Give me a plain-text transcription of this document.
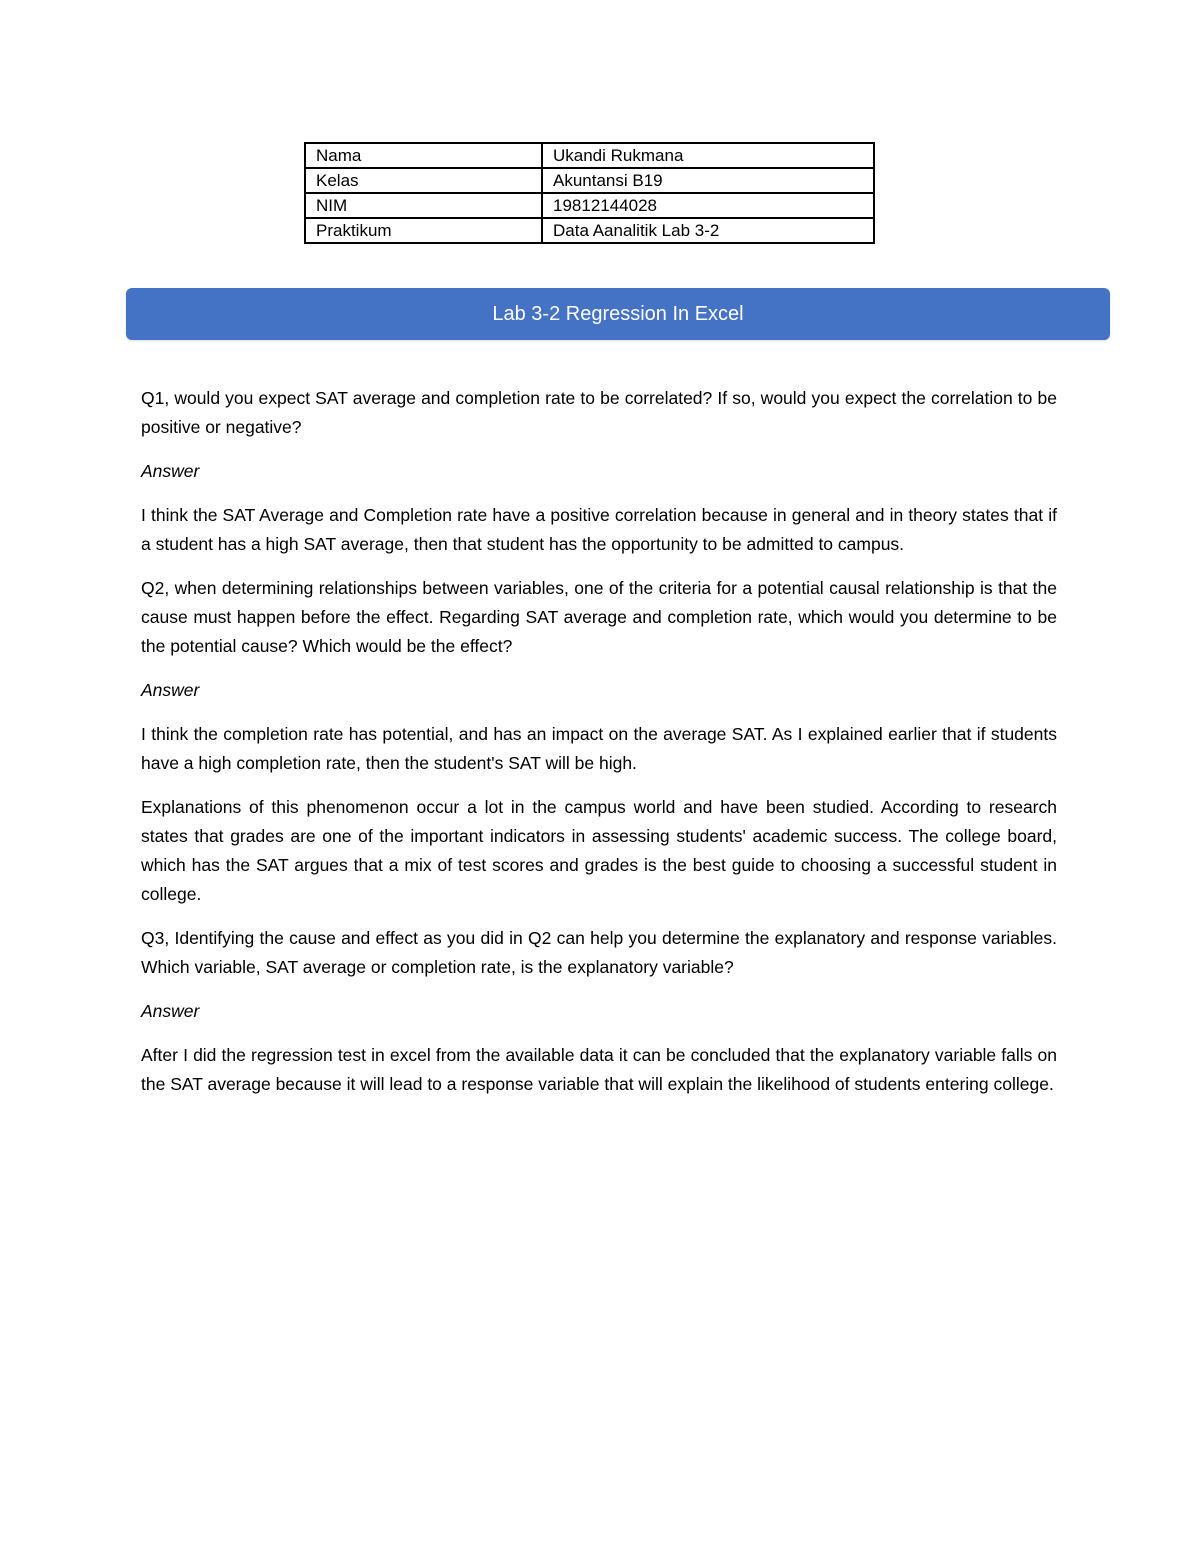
Nama	Ukandi Rukmana
Kelas	Akuntansi B19
NIM	19812144028
Praktikum	Data Aanalitik Lab 3-2
Lab 3-2 Regression In Excel

Q1, would you expect SAT average and completion rate to be correlated? If so, would you expect the correlation to be positive or negative?

Answer

I think the SAT Average and Completion rate have a positive correlation because in general and in theory states that if a student has a high SAT average, then that student has the opportunity to be admitted to campus.

Q2, when determining relationships between variables, one of the criteria for a potential causal relationship is that the cause must happen before the effect. Regarding SAT average and completion rate, which would you determine to be the potential cause? Which would be the effect?

Answer

I think the completion rate has potential, and has an impact on the average SAT. As I explained earlier that if students have a high completion rate, then the student's SAT will be high.

Explanations of this phenomenon occur a lot in the campus world and have been studied. According to research states that grades are one of the important indicators in assessing students' academic success. The college board, which has the SAT argues that a mix of test scores and grades is the best guide to choosing a successful student in college.

Q3, Identifying the cause and effect as you did in Q2 can help you determine the explanatory and response variables. Which variable, SAT average or completion rate, is the explanatory variable?

Answer

After I did the regression test in excel from the available data it can be concluded that the explanatory variable falls on the SAT average because it will lead to a response variable that will explain the likelihood of students entering college.
